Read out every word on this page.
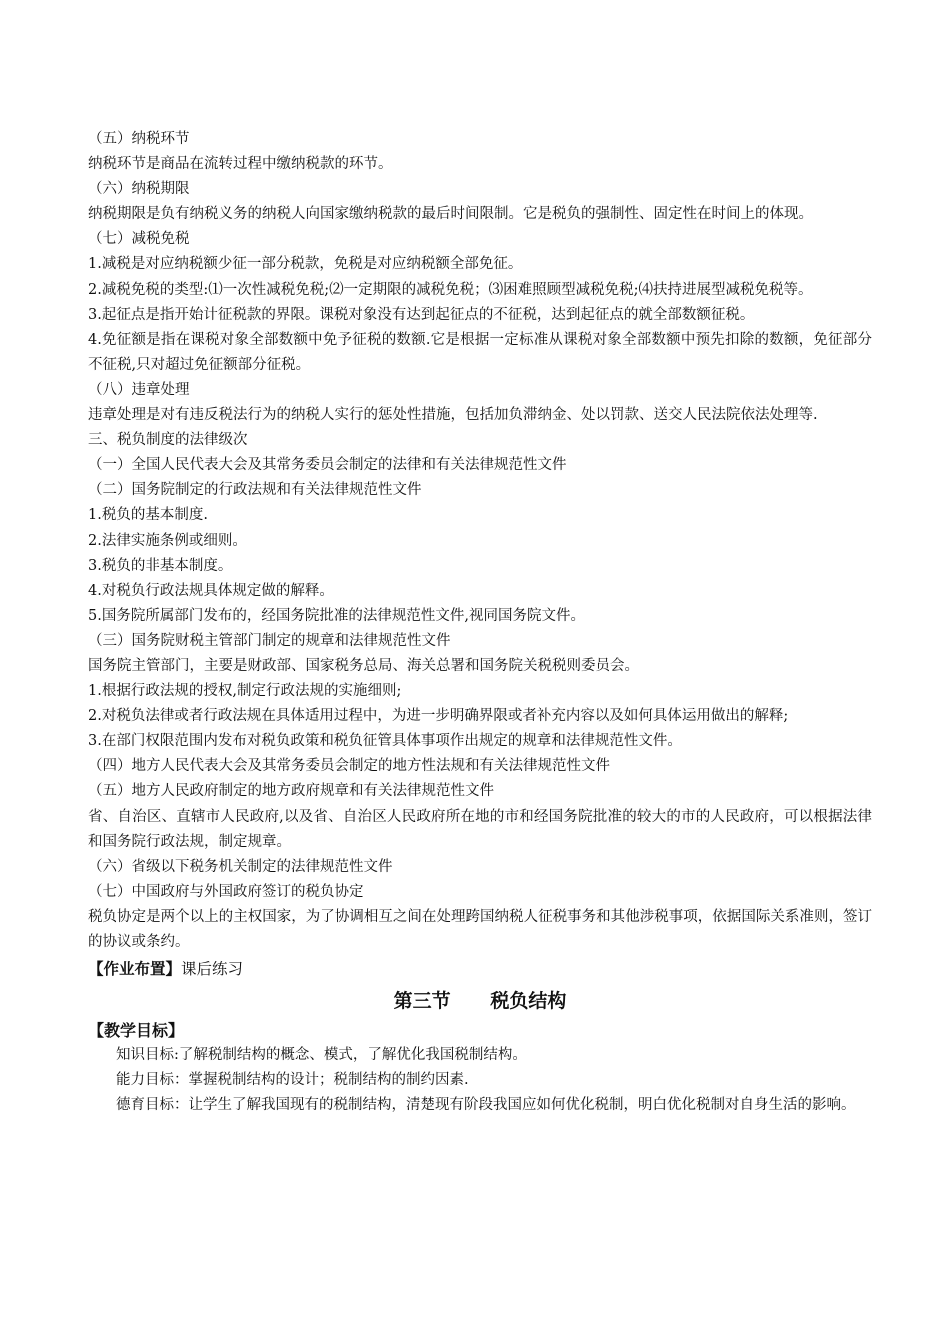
（五）纳税环节

纳税环节是商品在流转过程中缴纳税款的环节。

（六）纳税期限

纳税期限是负有纳税义务的纳税人向国家缴纳税款的最后时间限制。它是税负的强制性、固定性在时间上的体现。

（七）减税免税

1.减税是对应纳税额少征一部分税款，免税是对应纳税额全部免征。

2.减税免税的类型:⑴一次性减税免税;⑵一定期限的减税免税；⑶困难照顾型减税免税;⑷扶持进展型减税免税等。

3.起征点是指开始计征税款的界限。课税对象没有达到起征点的不征税，达到起征点的就全部数额征税。

4.免征额是指在课税对象全部数额中免予征税的数额.它是根据一定标准从课税对象全部数额中预先扣除的数额，免征部分不征税,只对超过免征额部分征税。

（八）违章处理

违章处理是对有违反税法行为的纳税人实行的惩处性措施，包括加负滞纳金、处以罚款、送交人民法院依法处理等.

三、税负制度的法律级次

（一）全国人民代表大会及其常务委员会制定的法律和有关法律规范性文件

（二）国务院制定的行政法规和有关法律规范性文件

1.税负的基本制度.

2.法律实施条例或细则。

3.税负的非基本制度。

4.对税负行政法规具体规定做的解释。

5.国务院所属部门发布的，经国务院批准的法律规范性文件,视同国务院文件。

（三）国务院财税主管部门制定的规章和法律规范性文件

国务院主管部门，主要是财政部、国家税务总局、海关总署和国务院关税税则委员会。

1.根据行政法规的授权,制定行政法规的实施细则;

2.对税负法律或者行政法规在具体适用过程中，为进一步明确界限或者补充内容以及如何具体运用做出的解释;

3.在部门权限范围内发布对税负政策和税负征管具体事项作出规定的规章和法律规范性文件。

（四）地方人民代表大会及其常务委员会制定的地方性法规和有关法律规范性文件

（五）地方人民政府制定的地方政府规章和有关法律规范性文件

省、自治区、直辖市人民政府,以及省、自治区人民政府所在地的市和经国务院批准的较大的市的人民政府，可以根据法律和国务院行政法规，制定规章。

（六）省级以下税务机关制定的法律规范性文件

（七）中国政府与外国政府签订的税负协定

税负协定是两个以上的主权国家，为了协调相互之间在处理跨国纳税人征税事务和其他涉税事项，依据国际关系准则，签订的协议或条约。

【作业布置】课后练习

第三节      税负结构

【教学目标】

知识目标: 了解税制结构的概念、模式，了解优化我国税制结构。
能力目标： 掌握税制结构的设计；税制结构的制约因素.
德育目标： 让学生了解我国现有的税制结构，清楚现有阶段我国应如何优化税制，明白优化税制对自身生活的影响。
